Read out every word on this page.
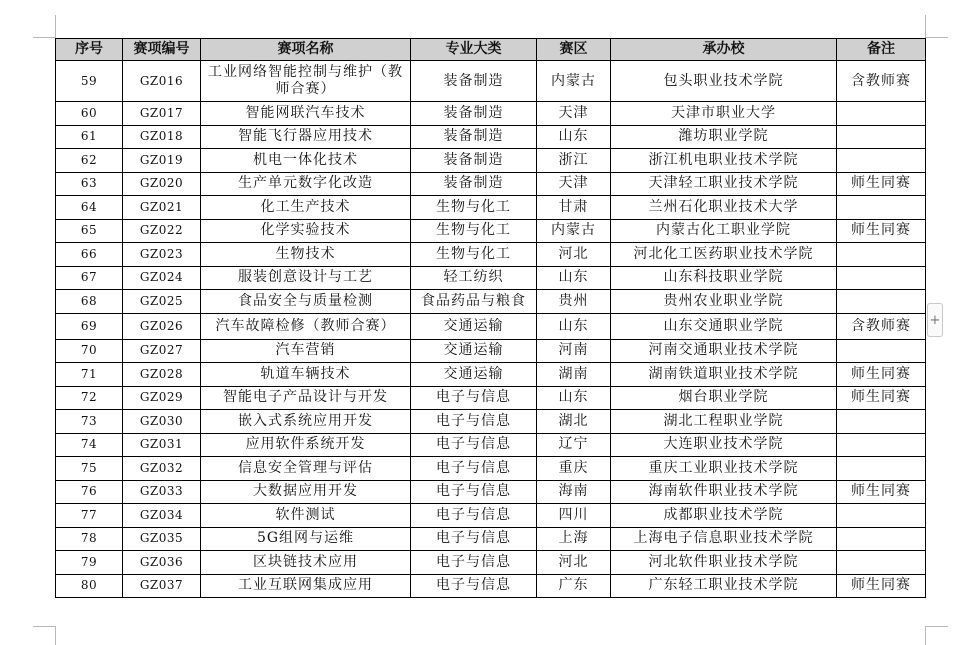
序号	赛项编号	赛项名称	专业大类	赛区	承办校	备注
59	GZ016	工业网络智能控制与维护（教师合赛）	装备制造	内蒙古	包头职业技术学院	含教师赛
60	GZ017	智能网联汽车技术	装备制造	天津	天津市职业大学	
61	GZ018	智能飞行器应用技术	装备制造	山东	潍坊职业学院	
62	GZ019	机电一体化技术	装备制造	浙江	浙江机电职业技术学院	
63	GZ020	生产单元数字化改造	装备制造	天津	天津轻工职业技术学院	师生同赛
64	GZ021	化工生产技术	生物与化工	甘肃	兰州石化职业技术大学	
65	GZ022	化学实验技术	生物与化工	内蒙古	内蒙古化工职业学院	师生同赛
66	GZ023	生物技术	生物与化工	河北	河北化工医药职业技术学院	
67	GZ024	服装创意设计与工艺	轻工纺织	山东	山东科技职业学院	
68	GZ025	食品安全与质量检测	食品药品与粮食	贵州	贵州农业职业学院	
69	GZ026	汽车故障检修（教师合赛）	交通运输	山东	山东交通职业学院	含教师赛
70	GZ027	汽车营销	交通运输	河南	河南交通职业技术学院	
71	GZ028	轨道车辆技术	交通运输	湖南	湖南铁道职业技术学院	师生同赛
72	GZ029	智能电子产品设计与开发	电子与信息	山东	烟台职业学院	师生同赛
73	GZ030	嵌入式系统应用开发	电子与信息	湖北	湖北工程职业学院	
74	GZ031	应用软件系统开发	电子与信息	辽宁	大连职业技术学院	
75	GZ032	信息安全管理与评估	电子与信息	重庆	重庆工业职业技术学院	
76	GZ033	大数据应用开发	电子与信息	海南	海南软件职业技术学院	师生同赛
77	GZ034	软件测试	电子与信息	四川	成都职业技术学院	
78	GZ035	5G组网与运维	电子与信息	上海	上海电子信息职业技术学院	
79	GZ036	区块链技术应用	电子与信息	河北	河北软件职业技术学院	
80	GZ037	工业互联网集成应用	电子与信息	广东	广东轻工职业技术学院	师生同赛
+
